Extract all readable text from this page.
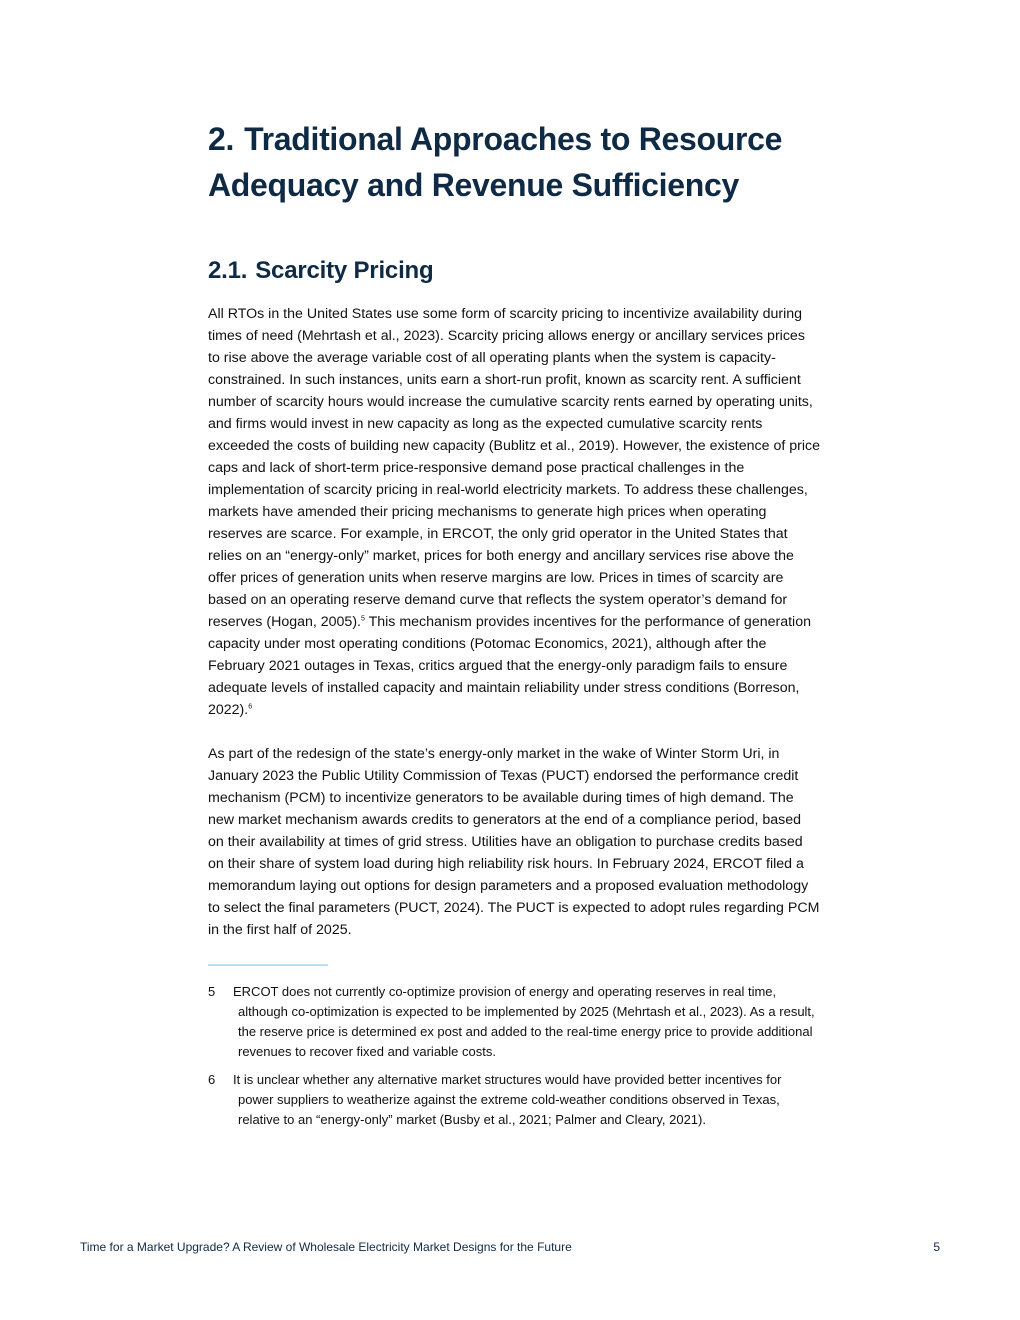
2. Traditional Approaches to Resource Adequacy and Revenue Sufficiency
2.1. Scarcity Pricing

All RTOs in the United States use some form of scarcity pricing to incentivize availability during times of need (Mehrtash et al., 2023). Scarcity pricing allows energy or ancillary services prices to rise above the average variable cost of all operating plants when the system is capacity-constrained. In such instances, units earn a short-run profit, known as scarcity rent. A sufficient number of scarcity hours would increase the cumulative scarcity rents earned by operating units, and firms would invest in new capacity as long as the expected cumulative scarcity rents exceeded the costs of building new capacity (Bublitz et al., 2019). However, the existence of price caps and lack of short-term price-responsive demand pose practical challenges in the implementation of scarcity pricing in real-world electricity markets. To address these challenges, markets have amended their pricing mechanisms to generate high prices when operating reserves are scarce. For example, in ERCOT, the only grid operator in the United States that relies on an “energy-only” market, prices for both energy and ancillary services rise above the offer prices of generation units when reserve margins are low. Prices in times of scarcity are based on an operating reserve demand curve that reflects the system operator’s demand for reserves (Hogan, 2005).$^5$ This mechanism provides incentives for the performance of generation capacity under most operating conditions (Potomac Economics, 2021), although after the February 2021 outages in Texas, critics argued that the energy-only paradigm fails to ensure adequate levels of installed capacity and maintain reliability under stress conditions (Borreson, 2022).$^6$

As part of the redesign of the state’s energy-only market in the wake of Winter Storm Uri, in January 2023 the Public Utility Commission of Texas (PUCT) endorsed the performance credit mechanism (PCM) to incentivize generators to be available during times of high demand. The new market mechanism awards credits to generators at the end of a compliance period, based on their availability at times of grid stress. Utilities have an obligation to purchase credits based on their share of system load during high reliability risk hours. In February 2024, ERCOT filed a memorandum laying out options for design parameters and a proposed evaluation methodology to select the final parameters (PUCT, 2024). The PUCT is expected to adopt rules regarding PCM in the first half of 2025.

5 ERCOT does not currently co-optimize provision of energy and operating reserves in real time, although co-optimization is expected to be implemented by 2025 (Mehrtash et al., 2023). As a result, the reserve price is determined ex post and added to the real-time energy price to provide additional revenues to recover fixed and variable costs.

6 It is unclear whether any alternative market structures would have provided better incentives for power suppliers to weatherize against the extreme cold-weather conditions observed in Texas, relative to an “energy-only” market (Busby et al., 2021; Palmer and Cleary, 2021).

Time for a Market Upgrade? A Review of Wholesale Electricity Market Designs for the Future	5
